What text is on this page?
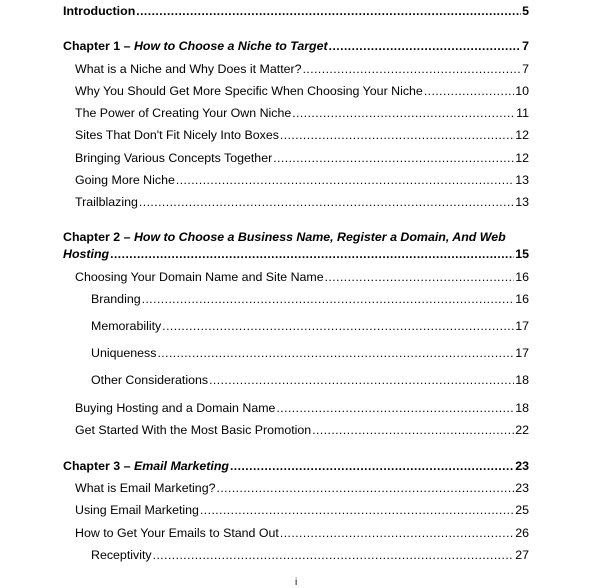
Introduction .....	5
Chapter 1 – How to Choose a Niche to Target .....	7
What is a Niche and Why Does it Matter? .....	7
Why You Should Get More Specific When Choosing Your Niche .....	10
The Power of Creating Your Own Niche .....	11
Sites That Don't Fit Nicely Into Boxes .....	12
Bringing Various Concepts Together .....	12
Going More Niche .....	13
Trailblazing .....	13
Chapter 2 – How to Choose a Business Name, Register a Domain, And Web
Hosting .....	15
Choosing Your Domain Name and Site Name .....	16
Branding .....	16
Memorability .....	17
Uniqueness .....	17
Other Considerations .....	18
Buying Hosting and a Domain Name .....	18
Get Started With the Most Basic Promotion .....	22
Chapter 3 – Email Marketing .....	23
What is Email Marketing? .....	23
Using Email Marketing .....	25
How to Get Your Emails to Stand Out .....	26
Receptivity .....	27
i
